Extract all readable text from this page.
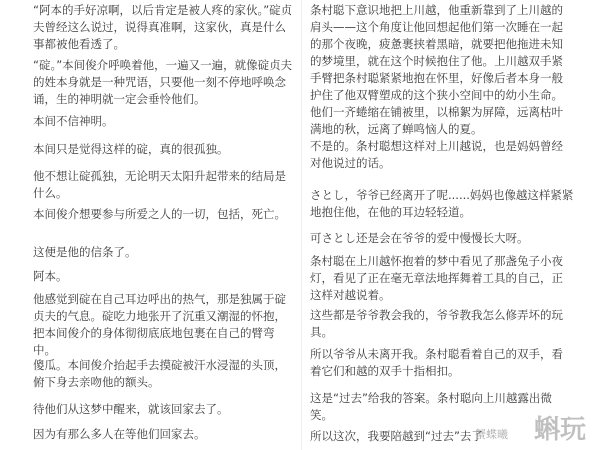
“阿本的手好凉啊，以后肯定是被人疼的家伙。”碇贞夫曾经这么说过，说得真准啊，这家伙，真是什么事都被他看透了。

“碇。”本间俊介呼唤着他，一遍又一遍，就像碇贞夫的姓本身就是一种咒语，只要他一刻不停地呼唤念诵，生的神明就一定会垂怜他们。

本间不信神明。

本间只是觉得这样的碇，真的很孤独。

他不想让碇孤独，无论明天太阳升起带来的结局是什么。

本间俊介想要参与所爱之人的一切，包括，死亡。

这便是他的信条了。

阿本。

他感觉到碇在自己耳边呼出的热气，那是独属于碇贞夫的气息。碇吃力地张开了沉重又潮湿的怀抱，把本间俊介的身体彻彻底底地包裹在自己的臂弯中。

傻瓜。本间俊介抬起手去摸碇被汗水浸湿的头顶，俯下身去亲吻他的额头。

待他们从这梦中醒来，就该回家去了。

因为有那么多人在等他们回家去。

条村聪下意识地把上川越，他重新靠到了上川越的肩头——这个角度让他回想起他们第一次睡在一起的那个夜晚，疲惫裹挟着黑暗，就要把他拖进未知的梦境里，就在这个时候抱住了他。上川越双手紧手臂把条村聪紧紧地抱在怀里，好像后者本身一般护住了他双臂塑成的这个狭小空间中的幼小生命。他们一齐蜷缩在铺被里，以棉絮为屏障，远离枯叶满地的秋，远离了蝉鸣恼人的夏。

不是的。条村聪想这样对上川越说，也是妈妈曾经对他说过的话。

さとし，爷爷已经离开了呢......妈妈也像越这样紧紧地抱住他，在他的耳边轻轻道。

可さとし还是会在爷爷的爱中慢慢长大呀。

条村聪在上川越怀抱着的梦中看见了那盏兔子小夜灯，看见了正在毫无章法地挥舞着工具的自己，正这样对越说着。

这些都是爷爷教会我的，爷爷教我怎么修弄坏的玩具。

所以爷爷从未离开我。条村聪看着自己的双手，看着它们和越的双手十指相扣。

这是“过去”给我的答案。条村聪向上川越露出微笑。

所以这次，我要陪越到“过去”去了

蟹蝶曦 蝌玩
